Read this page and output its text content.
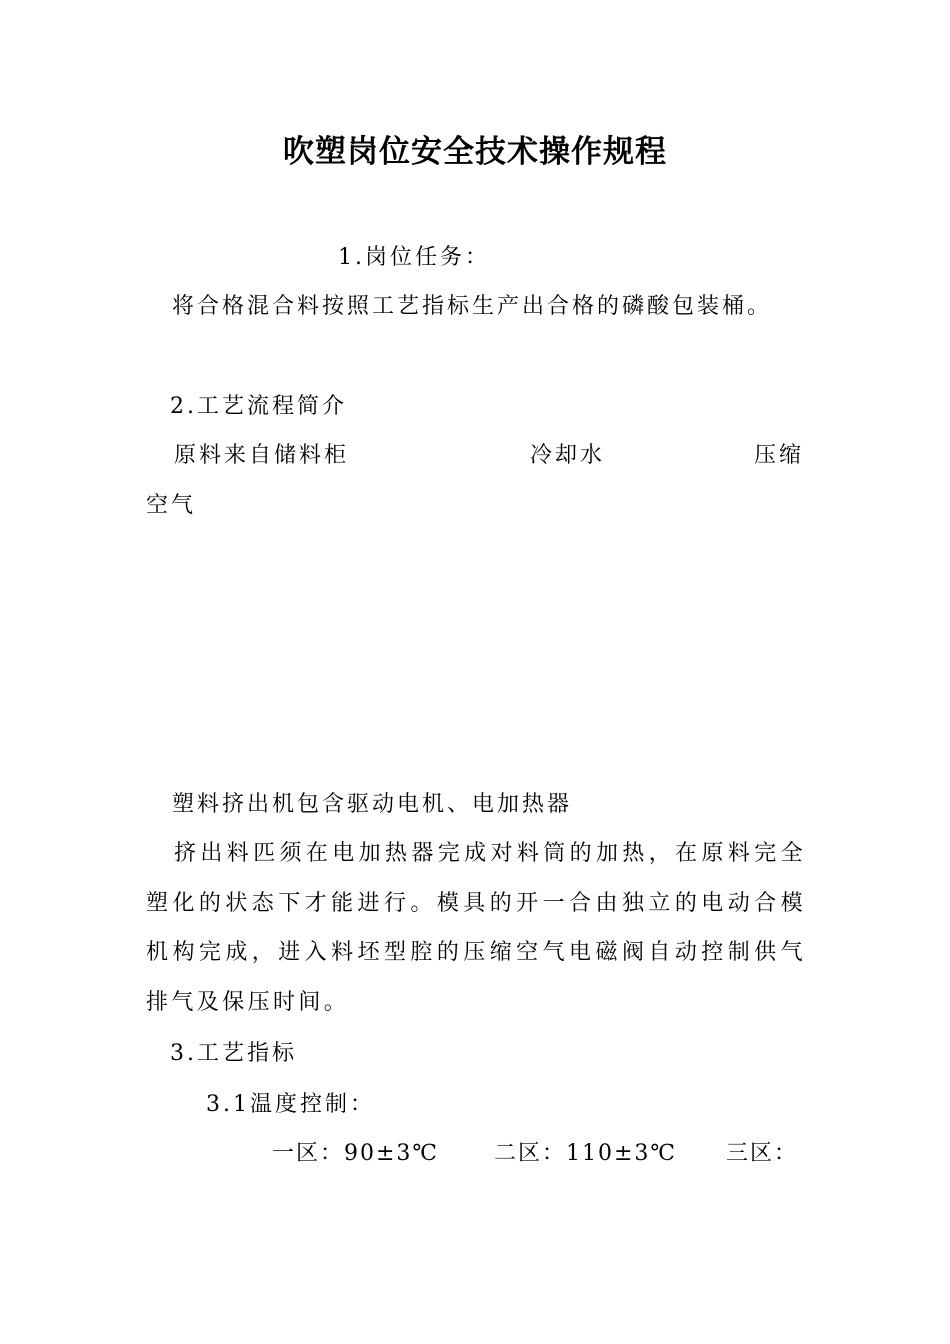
吹塑岗位安全技术操作规程
1.岗位任务：
将合格混合料按照工艺指标生产出合格的磷酸包装桶。
2.工艺流程简介
原料来自储料柜	冷却水	压缩
空气
塑料挤出机包含驱动电机、电加热器
挤出料匹须在电加热器完成对料筒的加热，在原料完全塑化的状态下才能进行。模具的开一合由独立的电动合模机构完成，进入料坯型腔的压缩空气电磁阀自动控制供气排气及保压时间。
3.工艺指标
3.1温度控制：
一区：90±3℃ 二区：110±3℃ 三区：
